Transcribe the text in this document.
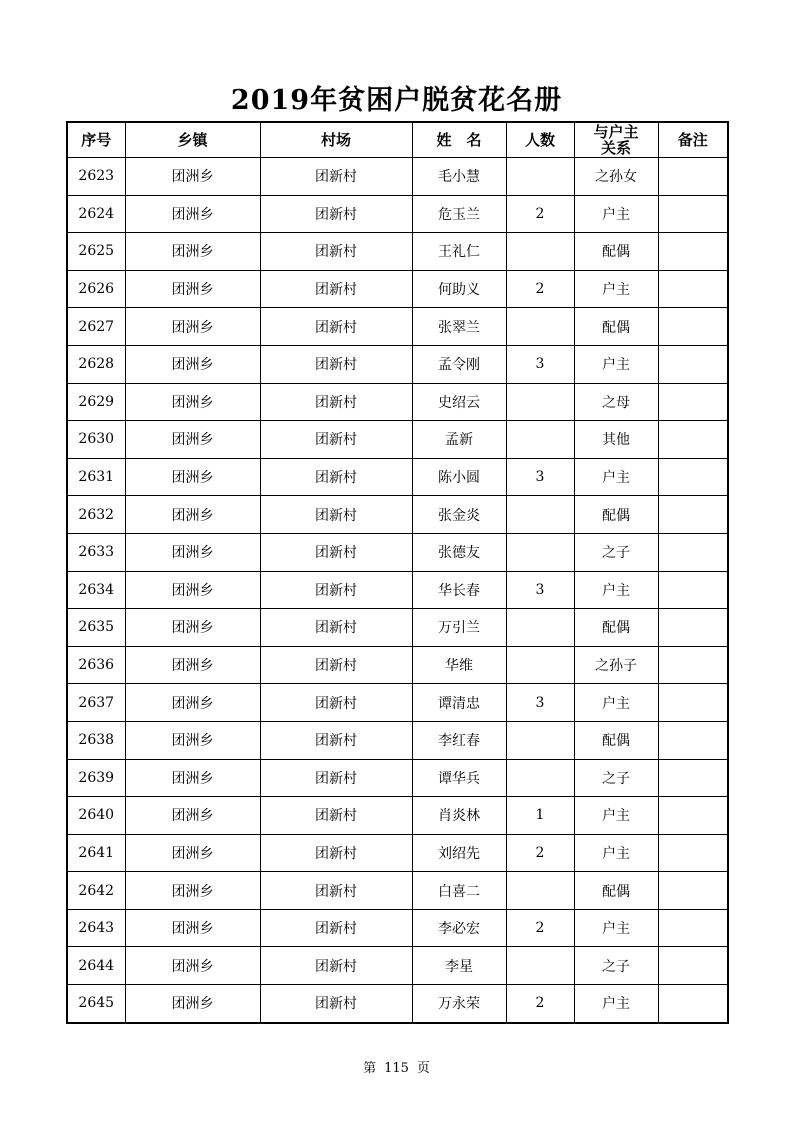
2019年贫困户脱贫花名册
序号	乡镇	村场	姓　名	人数	与户主关系	备注
2623	团洲乡	团新村	毛小慧		之孙女	
2624	团洲乡	团新村	危玉兰	2	户主	
2625	团洲乡	团新村	王礼仁		配偶	
2626	团洲乡	团新村	何助义	2	户主	
2627	团洲乡	团新村	张翠兰		配偶	
2628	团洲乡	团新村	孟令刚	3	户主	
2629	团洲乡	团新村	史绍云		之母	
2630	团洲乡	团新村	孟新		其他	
2631	团洲乡	团新村	陈小圆	3	户主	
2632	团洲乡	团新村	张金炎		配偶	
2633	团洲乡	团新村	张德友		之子	
2634	团洲乡	团新村	华长春	3	户主	
2635	团洲乡	团新村	万引兰		配偶	
2636	团洲乡	团新村	华维		之孙子	
2637	团洲乡	团新村	谭清忠	3	户主	
2638	团洲乡	团新村	李红春		配偶	
2639	团洲乡	团新村	谭华兵		之子	
2640	团洲乡	团新村	肖炎林	1	户主	
2641	团洲乡	团新村	刘绍先	2	户主	
2642	团洲乡	团新村	白喜二		配偶	
2643	团洲乡	团新村	李必宏	2	户主	
2644	团洲乡	团新村	李星		之子	
2645	团洲乡	团新村	万永荣	2	户主	
第 115 页
